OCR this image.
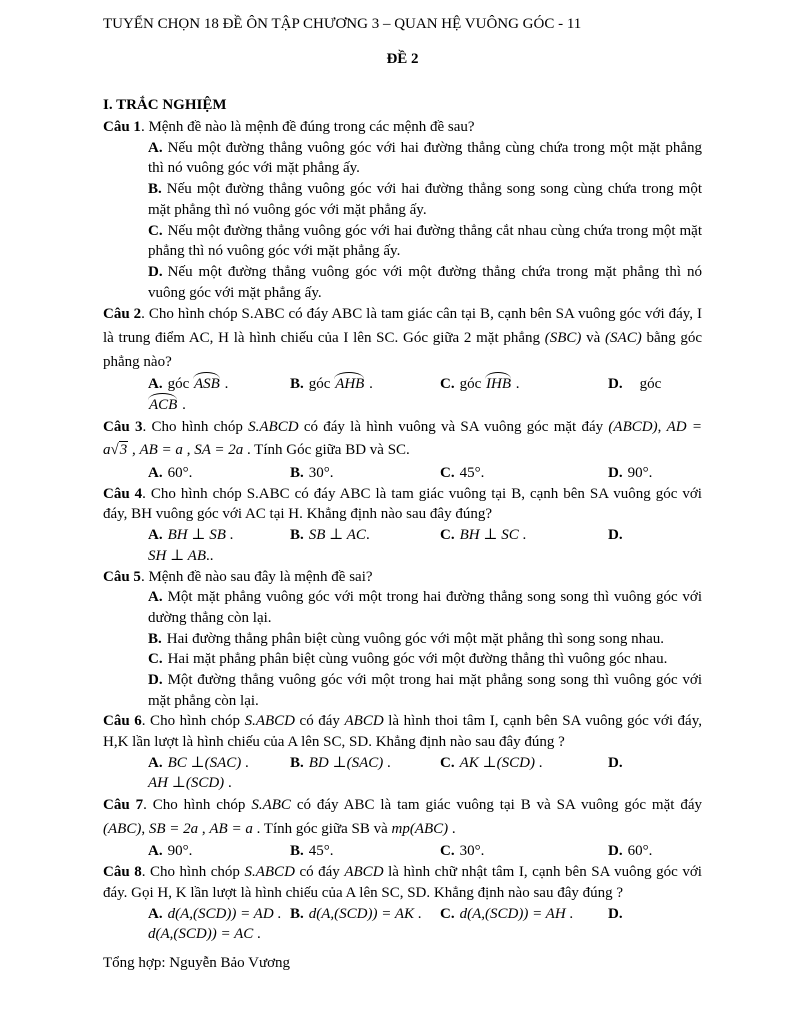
TUYỂN CHỌN 18 ĐỀ ÔN TẬP CHƯƠNG 3 – QUAN HỆ VUÔNG GÓC - 11

ĐỀ 2

I. TRẮC NGHIỆM

Câu 1. Mệnh đề nào là mệnh đề đúng trong các mệnh đề sau?

A. Nếu một đường thẳng vuông góc với hai đường thẳng cùng chứa trong một mặt phẳng thì nó vuông góc với mặt phẳng ấy.

B. Nếu một đường thẳng vuông góc với hai đường thẳng song song cùng chứa trong một mặt phẳng thì nó vuông góc với mặt phẳng ấy.

C. Nếu một đường thẳng vuông góc với hai đường thẳng cắt nhau cùng chứa trong một mặt phẳng thì nó vuông góc với mặt phẳng ấy.

D. Nếu một đường thẳng vuông góc với một đường thẳng chứa trong mặt phẳng thì nó vuông góc với mặt phẳng ấy.

Câu 2. Cho hình chóp S.ABC có đáy ABC là tam giác cân tại B, cạnh bên SA vuông góc với đáy, I là trung điểm AC, H là hình chiếu của I lên SC. Góc giữa 2 mặt phẳng (SBC) và (SAC) bằng góc phẳng nào?

A. góc ASB .	B. góc AHB .	C. góc IHB .	D. góc

ACB .

Câu 3. Cho hình chóp S.ABCD có đáy là hình vuông và SA vuông góc mặt đáy (ABCD), AD = a√3 , AB = a , SA = 2a . Tính Góc giữa BD và SC.

A. 60°.	B. 30°.	C. 45°.	D. 90°.

Câu 4. Cho hình chóp S.ABC có đáy ABC là tam giác vuông tại B, cạnh bên SA vuông góc với đáy, BH vuông góc với AC tại H. Khẳng định nào sau đây đúng?

A. BH ⊥ SB .	B. SB ⊥ AC.	C. BH ⊥ SC .	D.

SH ⊥ AB..

Câu 5. Mệnh đề nào sau đây là mệnh đề sai?

A. Một mặt phẳng vuông góc với một trong hai đường thẳng song song thì vuông góc với dường thẳng còn lại.

B. Hai đường thẳng phân biệt cùng vuông góc với một mặt phẳng thì song song nhau.

C. Hai mặt phẳng phân biệt cùng vuông góc với một đường thẳng thì vuông góc nhau.

D. Một đường thẳng vuông góc với một trong hai mặt phẳng song song thì vuông góc với mặt phẳng còn lại.

Câu 6. Cho hình chóp S.ABCD có đáy ABCD là hình thoi tâm I, cạnh bên SA vuông góc với đáy, H,K lần lượt là hình chiếu của A lên SC, SD. Khẳng định nào sau đây đúng ?

A. BC ⊥(SAC) .	B. BD ⊥(SAC) .	C. AK ⊥(SCD) .	D.

AH ⊥(SCD) .

Câu 7. Cho hình chóp S.ABC có đáy ABC là tam giác vuông tại B và SA vuông góc mặt đáy (ABC), SB = 2a , AB = a . Tính góc giữa SB và mp(ABC) .

A. 90°.	B. 45°.	C. 30°.	D. 60°.

Câu 8. Cho hình chóp S.ABCD có đáy ABCD là hình chữ nhật tâm I, cạnh bên SA vuông góc với đáy. Gọi H, K lần lượt là hình chiếu của A lên SC, SD. Khẳng định nào sau đây đúng ?

A. d(A,(SCD)) = AD . B. d(A,(SCD)) = AK .	C. d(A,(SCD)) = AH .	D.

d(A,(SCD)) = AC .

Tổng hợp: Nguyễn Bảo Vương
